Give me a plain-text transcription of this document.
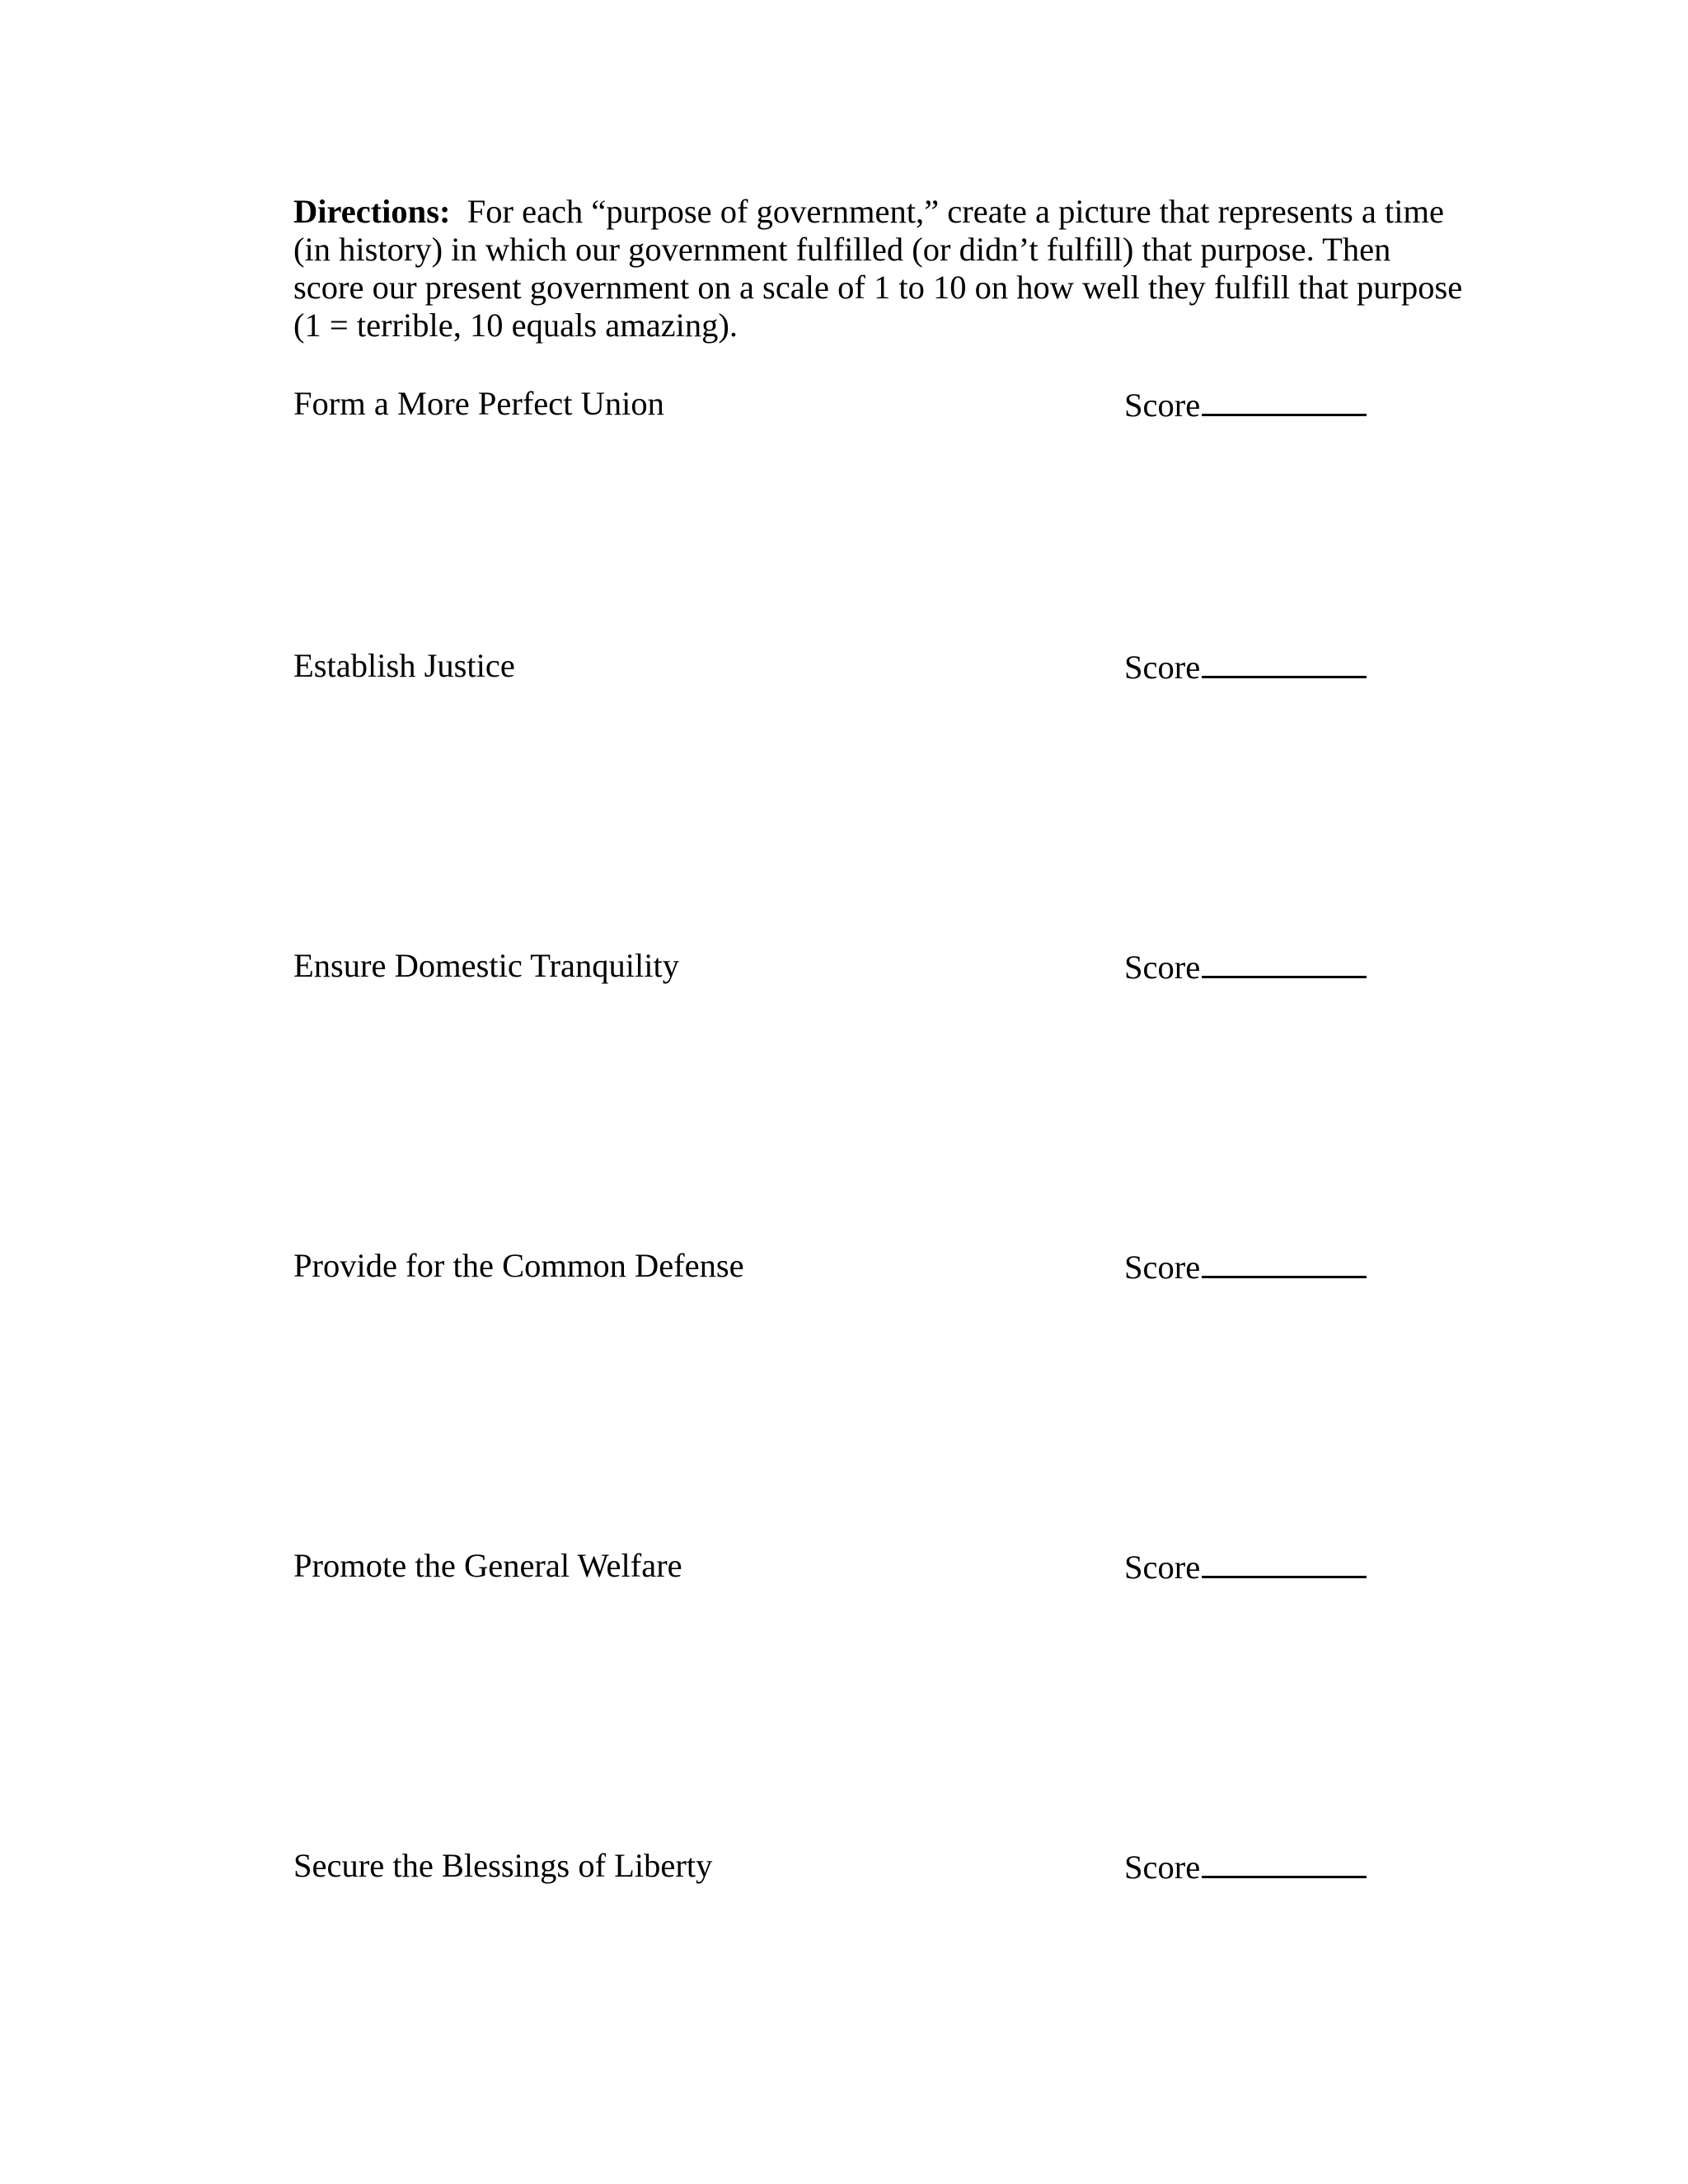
Directions: For each “purpose of government,” create a picture that represents a time (in history) in which our government fulfilled (or didn’t fulfill) that purpose. Then score our present government on a scale of 1 to 10 on how well they fulfill that purpose (1 = terrible, 10 equals amazing).

Form a More Perfect Union	Score
Establish Justice	Score
Ensure Domestic Tranquility	Score
Provide for the Common Defense	Score
Promote the General Welfare	Score
Secure the Blessings of Liberty	Score
